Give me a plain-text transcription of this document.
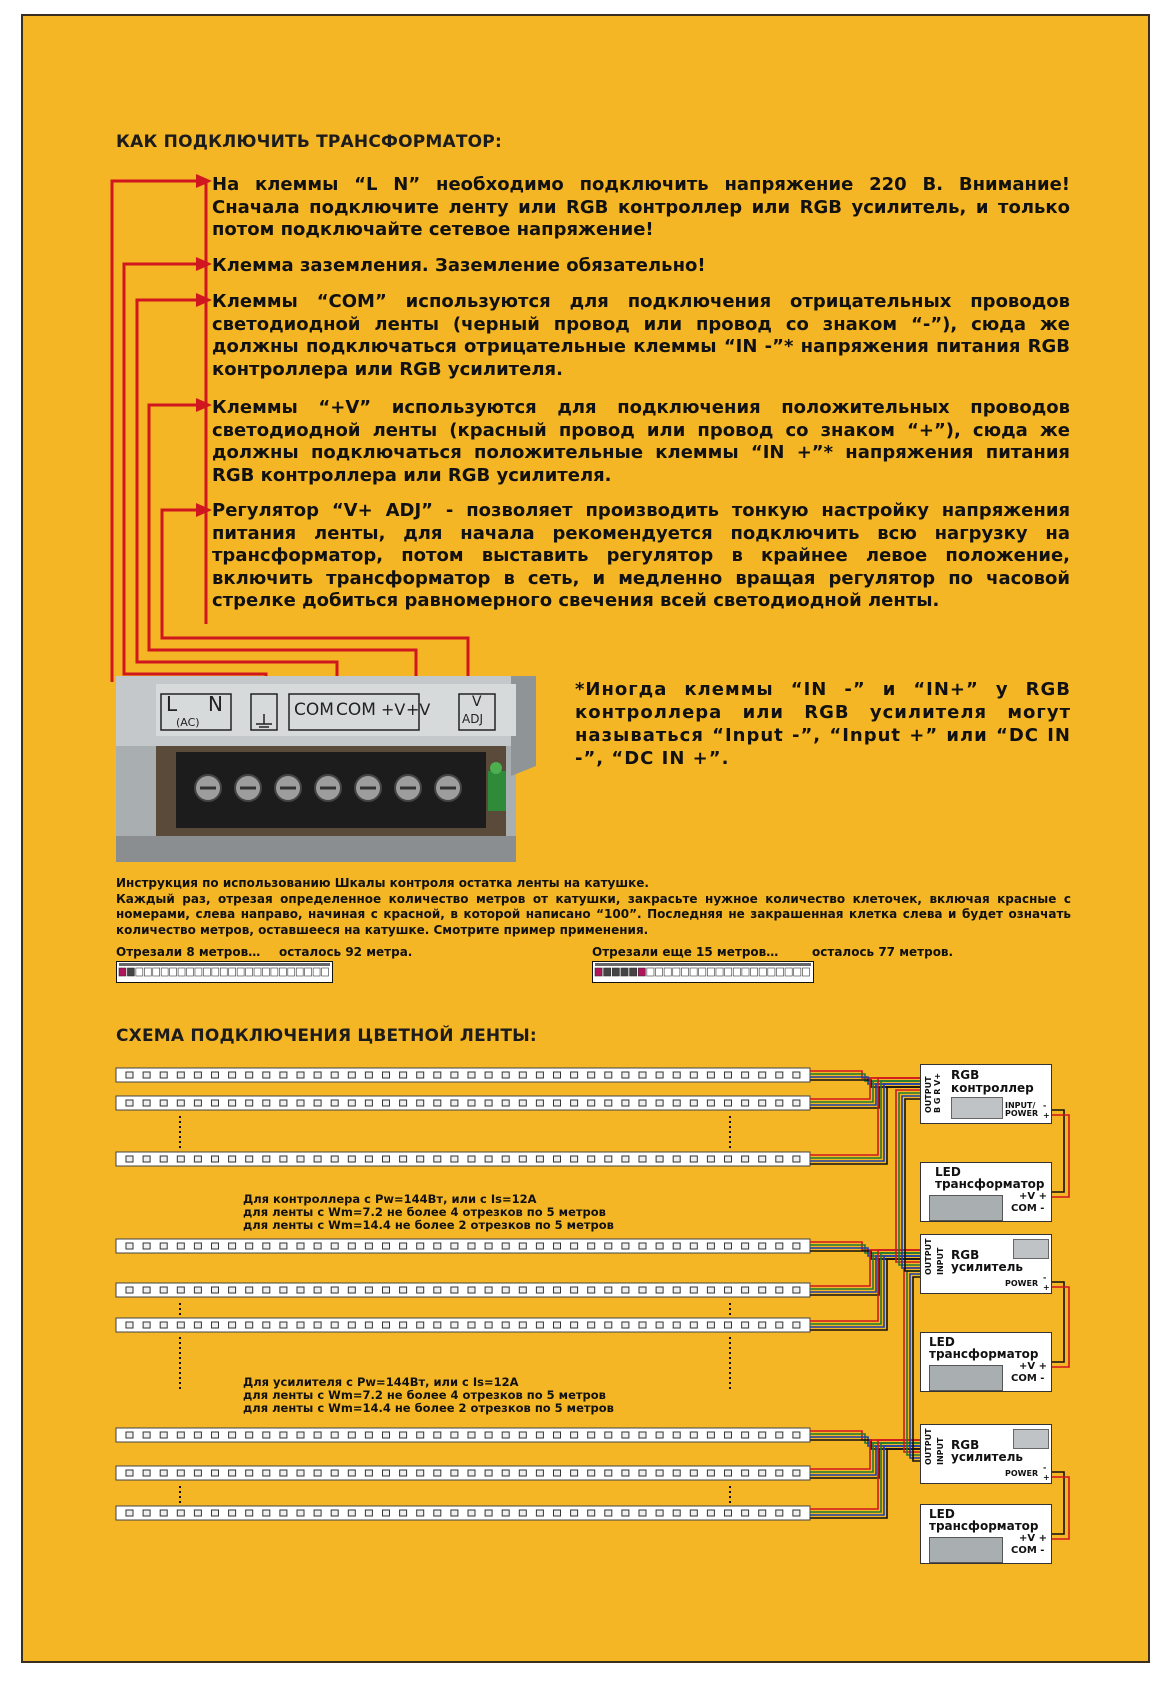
КАК ПОДКЛЮЧИТЬ ТРАНСФОРМАТОР:
На клеммы “L N” необходимо подключить напряжение 220 В. Внимание! Сначала подключите ленту или RGB контроллер или RGB усилитель, и только потом подключайте сетевое напряжение!
Клемма заземления. Заземление обязательно!
Клеммы “COM” используются для подключения отрицательных проводов светодиодной ленты (черный провод или провод со знаком “-”), сюда же должны подключаться отрицательные клеммы “IN -”* напряжения питания RGB контроллера или RGB усилителя.
Клеммы “+V” используются для подключения положительных проводов светодиодной ленты (красный провод или провод со знаком “+”), сюда же должны подключаться положительные клеммы “IN +”* напряжения питания RGB контроллера или RGB усилителя.
Регулятор “V+ ADJ” - позволяет производить тонкую настройку напряжения питания ленты, для начала рекомендуется подключить всю нагрузку на трансформатор, потом выставить регулятор в крайнее левое положение, включить трансформатор в сеть, и медленно вращая регулятор по часовой стрелке добиться равномерного свечения всей светодиодной ленты.
L N
(AC)
COM COM +V +V	V
ADJ
*Иногда клеммы “IN -” и “IN+” у RGB контроллера или RGB усилителя могут называться “Input -”, “Input +” или “DC IN -”, “DC IN +”.
Инструкция по использованию Шкалы контроля остатка ленты на катушке.
Каждый раз, отрезая определенное количество метров от катушки, закрасьте нужное количество клеточек, включая красные с номерами, слева направо, начиная с красной, в которой написано “100”. Последняя не закрашенная клетка слева и будет означать количество метров, оставшееся на катушке. Смотрите пример применения.
Отрезали 8 метров… осталось 92 метра.	Отрезали еще 15 метров…	осталось 77 метров.
СХЕМА ПОДКЛЮЧЕНИЯ ЦВЕТНОЙ ЛЕНТЫ:
Для контроллера с Pw=144Вт, или с Is=12A
для ленты с Wm=7.2 не более 4 отрезков по 5 метров
для ленты с Wm=14.4 не более 2 отрезков по 5 метров
Для усилителя с Pw=144Вт, или с Is=12A
для ленты с Wm=7.2 не более 4 отрезков по 5 метров
для ленты с Wm=14.4 не более 2 отрезков по 5 метров
RGB
контроллер
OUTPUT B G R V+	INPUT/ POWER
-
+
LED
трансформатор
+V +
COM -
RGB
усилитель
OUTPUT INPUT
POWER
-
+
LED
трансформатор
+V +
COM -
RGB
усилитель
OUTPUT INPUT
POWER
-
+
LED
трансформатор
+V +
COM -
